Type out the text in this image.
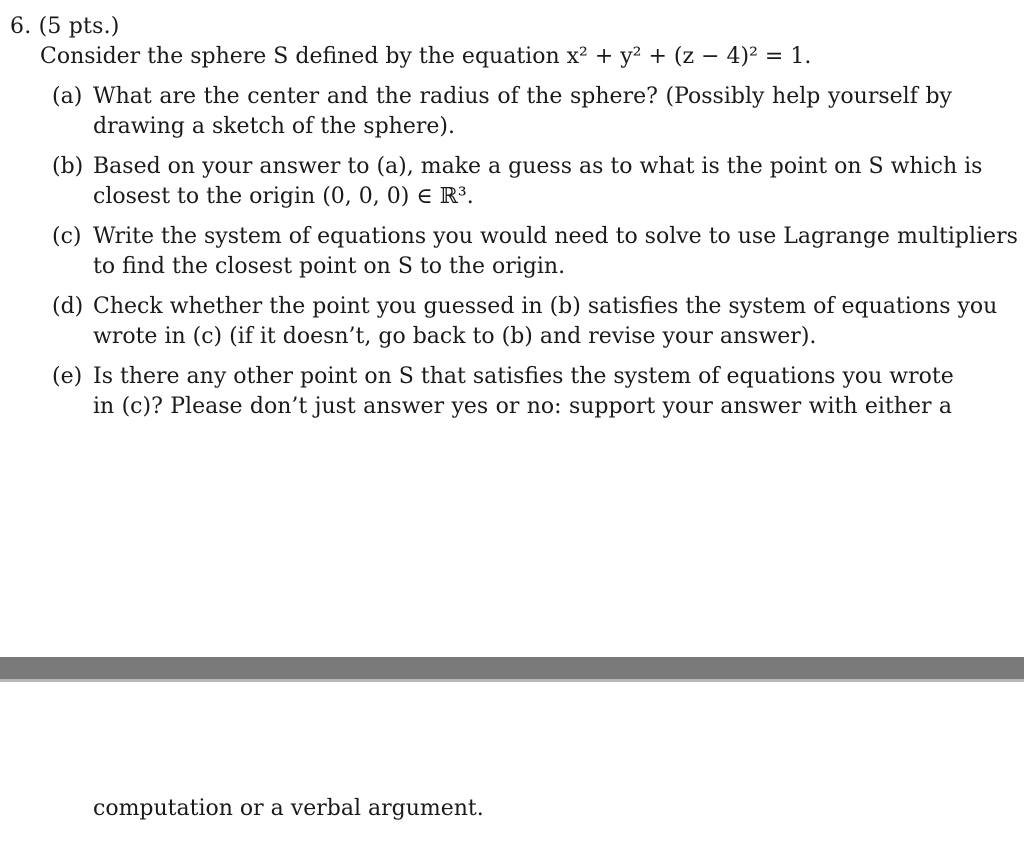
6. (5 pts.)
Consider the sphere S defined by the equation x² + y² + (z − 4)² = 1.
(a) What are the center and the radius of the sphere? (Possibly help yourself by
drawing a sketch of the sphere).
(b) Based on your answer to (a), make a guess as to what is the point on S which is
closest to the origin (0, 0, 0) ∈ ℝ³.
(c) Write the system of equations you would need to solve to use Lagrange multipliers
to find the closest point on S to the origin.
(d) Check whether the point you guessed in (b) satisfies the system of equations you
wrote in (c) (if it doesn’t, go back to (b) and revise your answer).
(e) Is there any other point on S that satisfies the system of equations you wrote
in (c)? Please don’t just answer yes or no: support your answer with either a
computation or a verbal argument.
